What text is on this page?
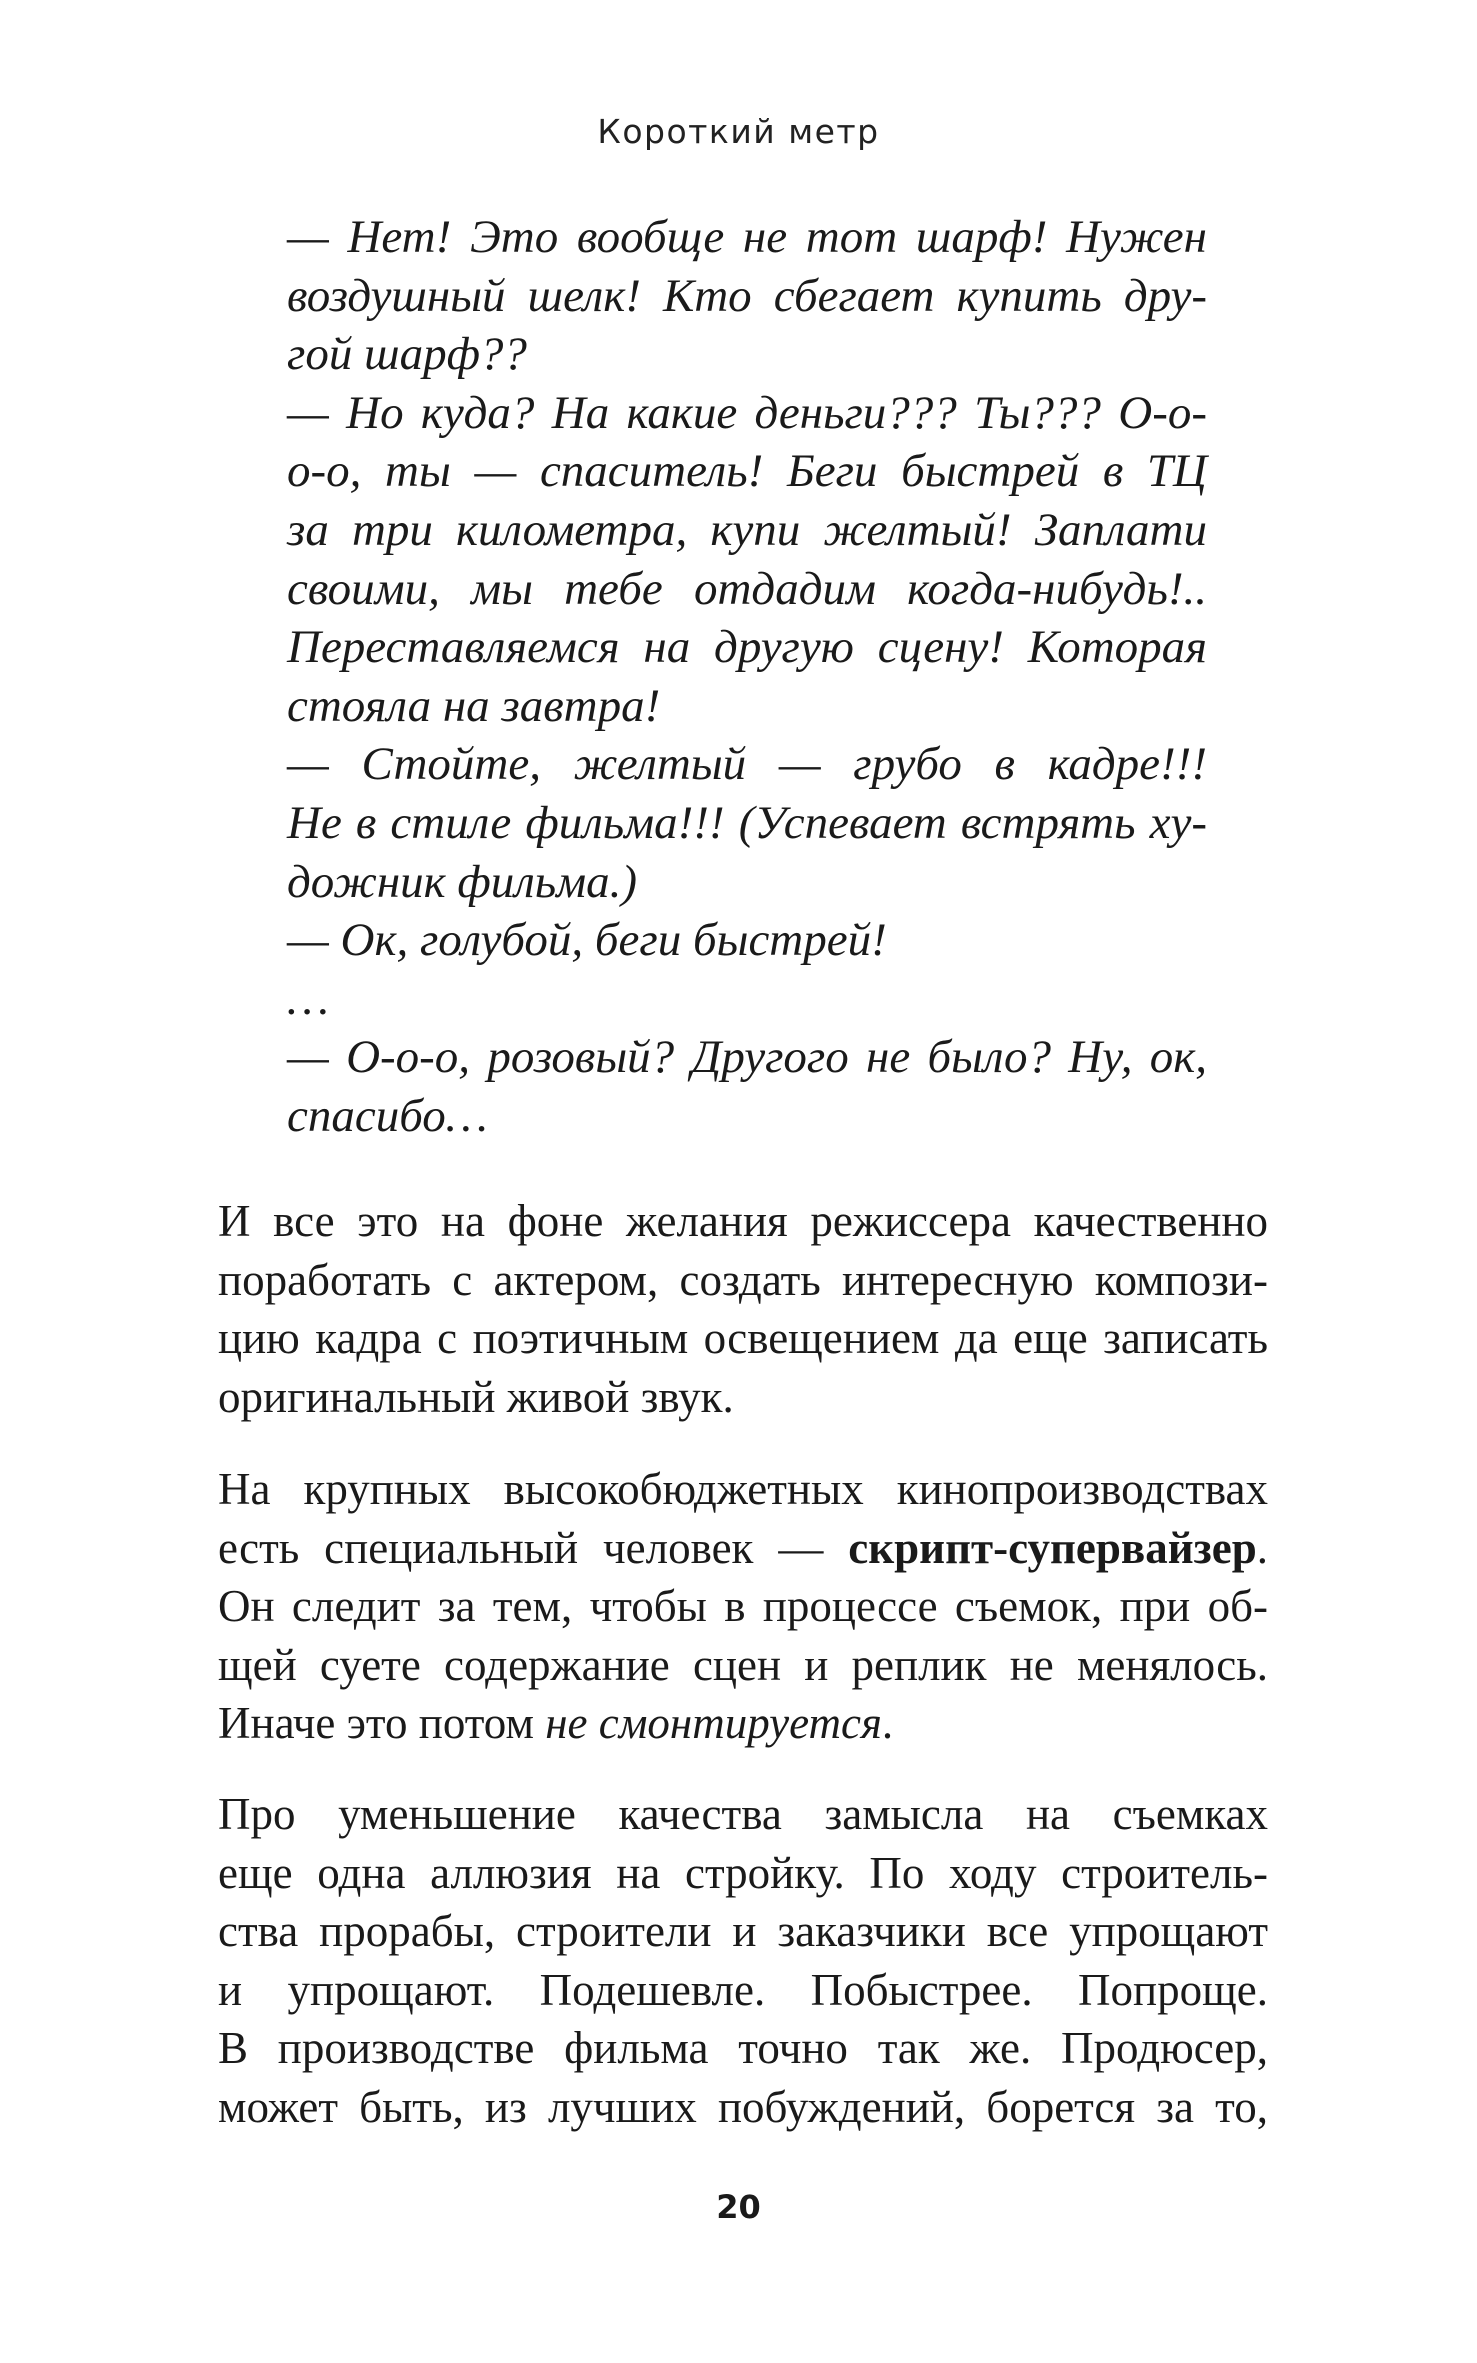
Короткий метр
— Нет! Это вообще не тот шарф! Нужен
воздушный шелк! Кто сбегает купить дру-
гой шарф??
— Но куда? На какие деньги??? Ты??? О-о-
о-о, ты — спаситель! Беги быстрей в ТЦ
за три километра, купи желтый! Заплати
своими, мы тебе отдадим когда-нибудь!..
Переставляемся на другую сцену! Которая
стояла на завтра!
— Стойте, желтый — грубо в кадре!!!
Не в стиле фильма!!! (Успевает встрять ху-
дожник фильма.)
— Ок, голубой, беги быстрей!
…
— О-о-о, розовый? Другого не было? Ну, ок,
спасибо…
И все это на фоне желания режиссера качественно
поработать с актером, создать интересную компози-
цию кадра с поэтичным освещением да еще записать
оригинальный живой звук.
На крупных высокобюджетных кинопроизводствах
есть специальный человек — скрипт-супервайзер.
Он следит за тем, чтобы в процессе съемок, при об-
щей суете содержание сцен и реплик не менялось.
Иначе это потом не смонтируется.
Про уменьшение качества замысла на съемках
еще одна аллюзия на стройку. По ходу строитель-
ства прорабы, строители и заказчики все упрощают
и упрощают. Подешевле. Побыстрее. Попроще.
В производстве фильма точно так же. Продюсер,
может быть, из лучших побуждений, борется за то,
20
